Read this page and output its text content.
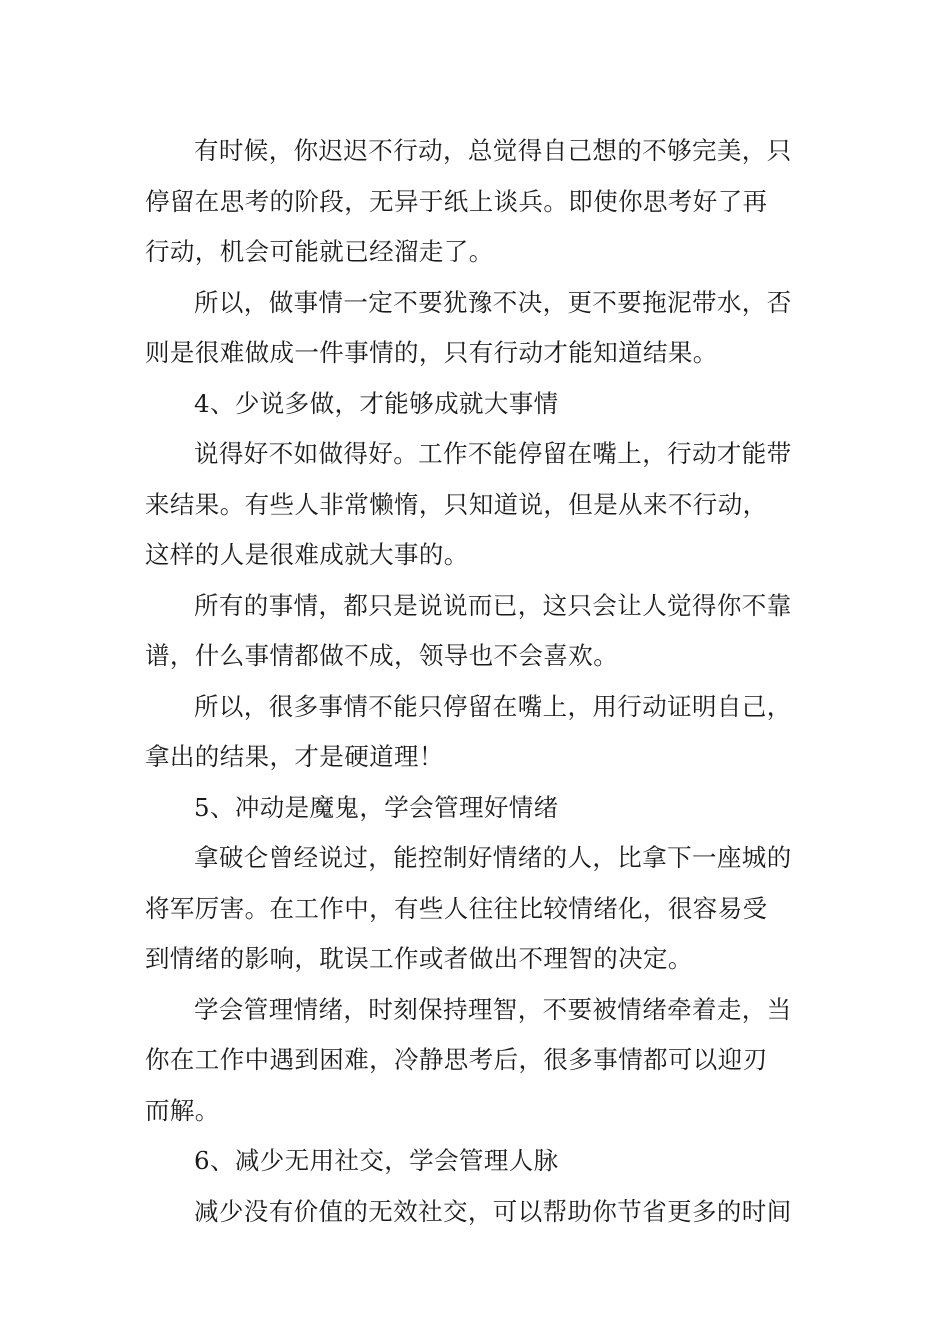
有时候，你迟迟不行动，总觉得自己想的不够完美，只
停留在思考的阶段，无异于纸上谈兵。即使你思考好了再
行动，机会可能就已经溜走了。

所以，做事情一定不要犹豫不决，更不要拖泥带水，否
则是很难做成一件事情的，只有行动才能知道结果。

4、少说多做，才能够成就大事情

说得好不如做得好。工作不能停留在嘴上，行动才能带
来结果。有些人非常懒惰，只知道说，但是从来不行动，
这样的人是很难成就大事的。

所有的事情，都只是说说而已，这只会让人觉得你不靠
谱，什么事情都做不成，领导也不会喜欢。

所以，很多事情不能只停留在嘴上，用行动证明自己，
拿出的结果，才是硬道理！

5、冲动是魔鬼，学会管理好情绪

拿破仑曾经说过，能控制好情绪的人，比拿下一座城的
将军厉害。在工作中，有些人往往比较情绪化，很容易受
到情绪的影响，耽误工作或者做出不理智的决定。

学会管理情绪，时刻保持理智，不要被情绪牵着走，当
你在工作中遇到困难，冷静思考后，很多事情都可以迎刃
而解。

6、减少无用社交，学会管理人脉

减少没有价值的无效社交，可以帮助你节省更多的时间
